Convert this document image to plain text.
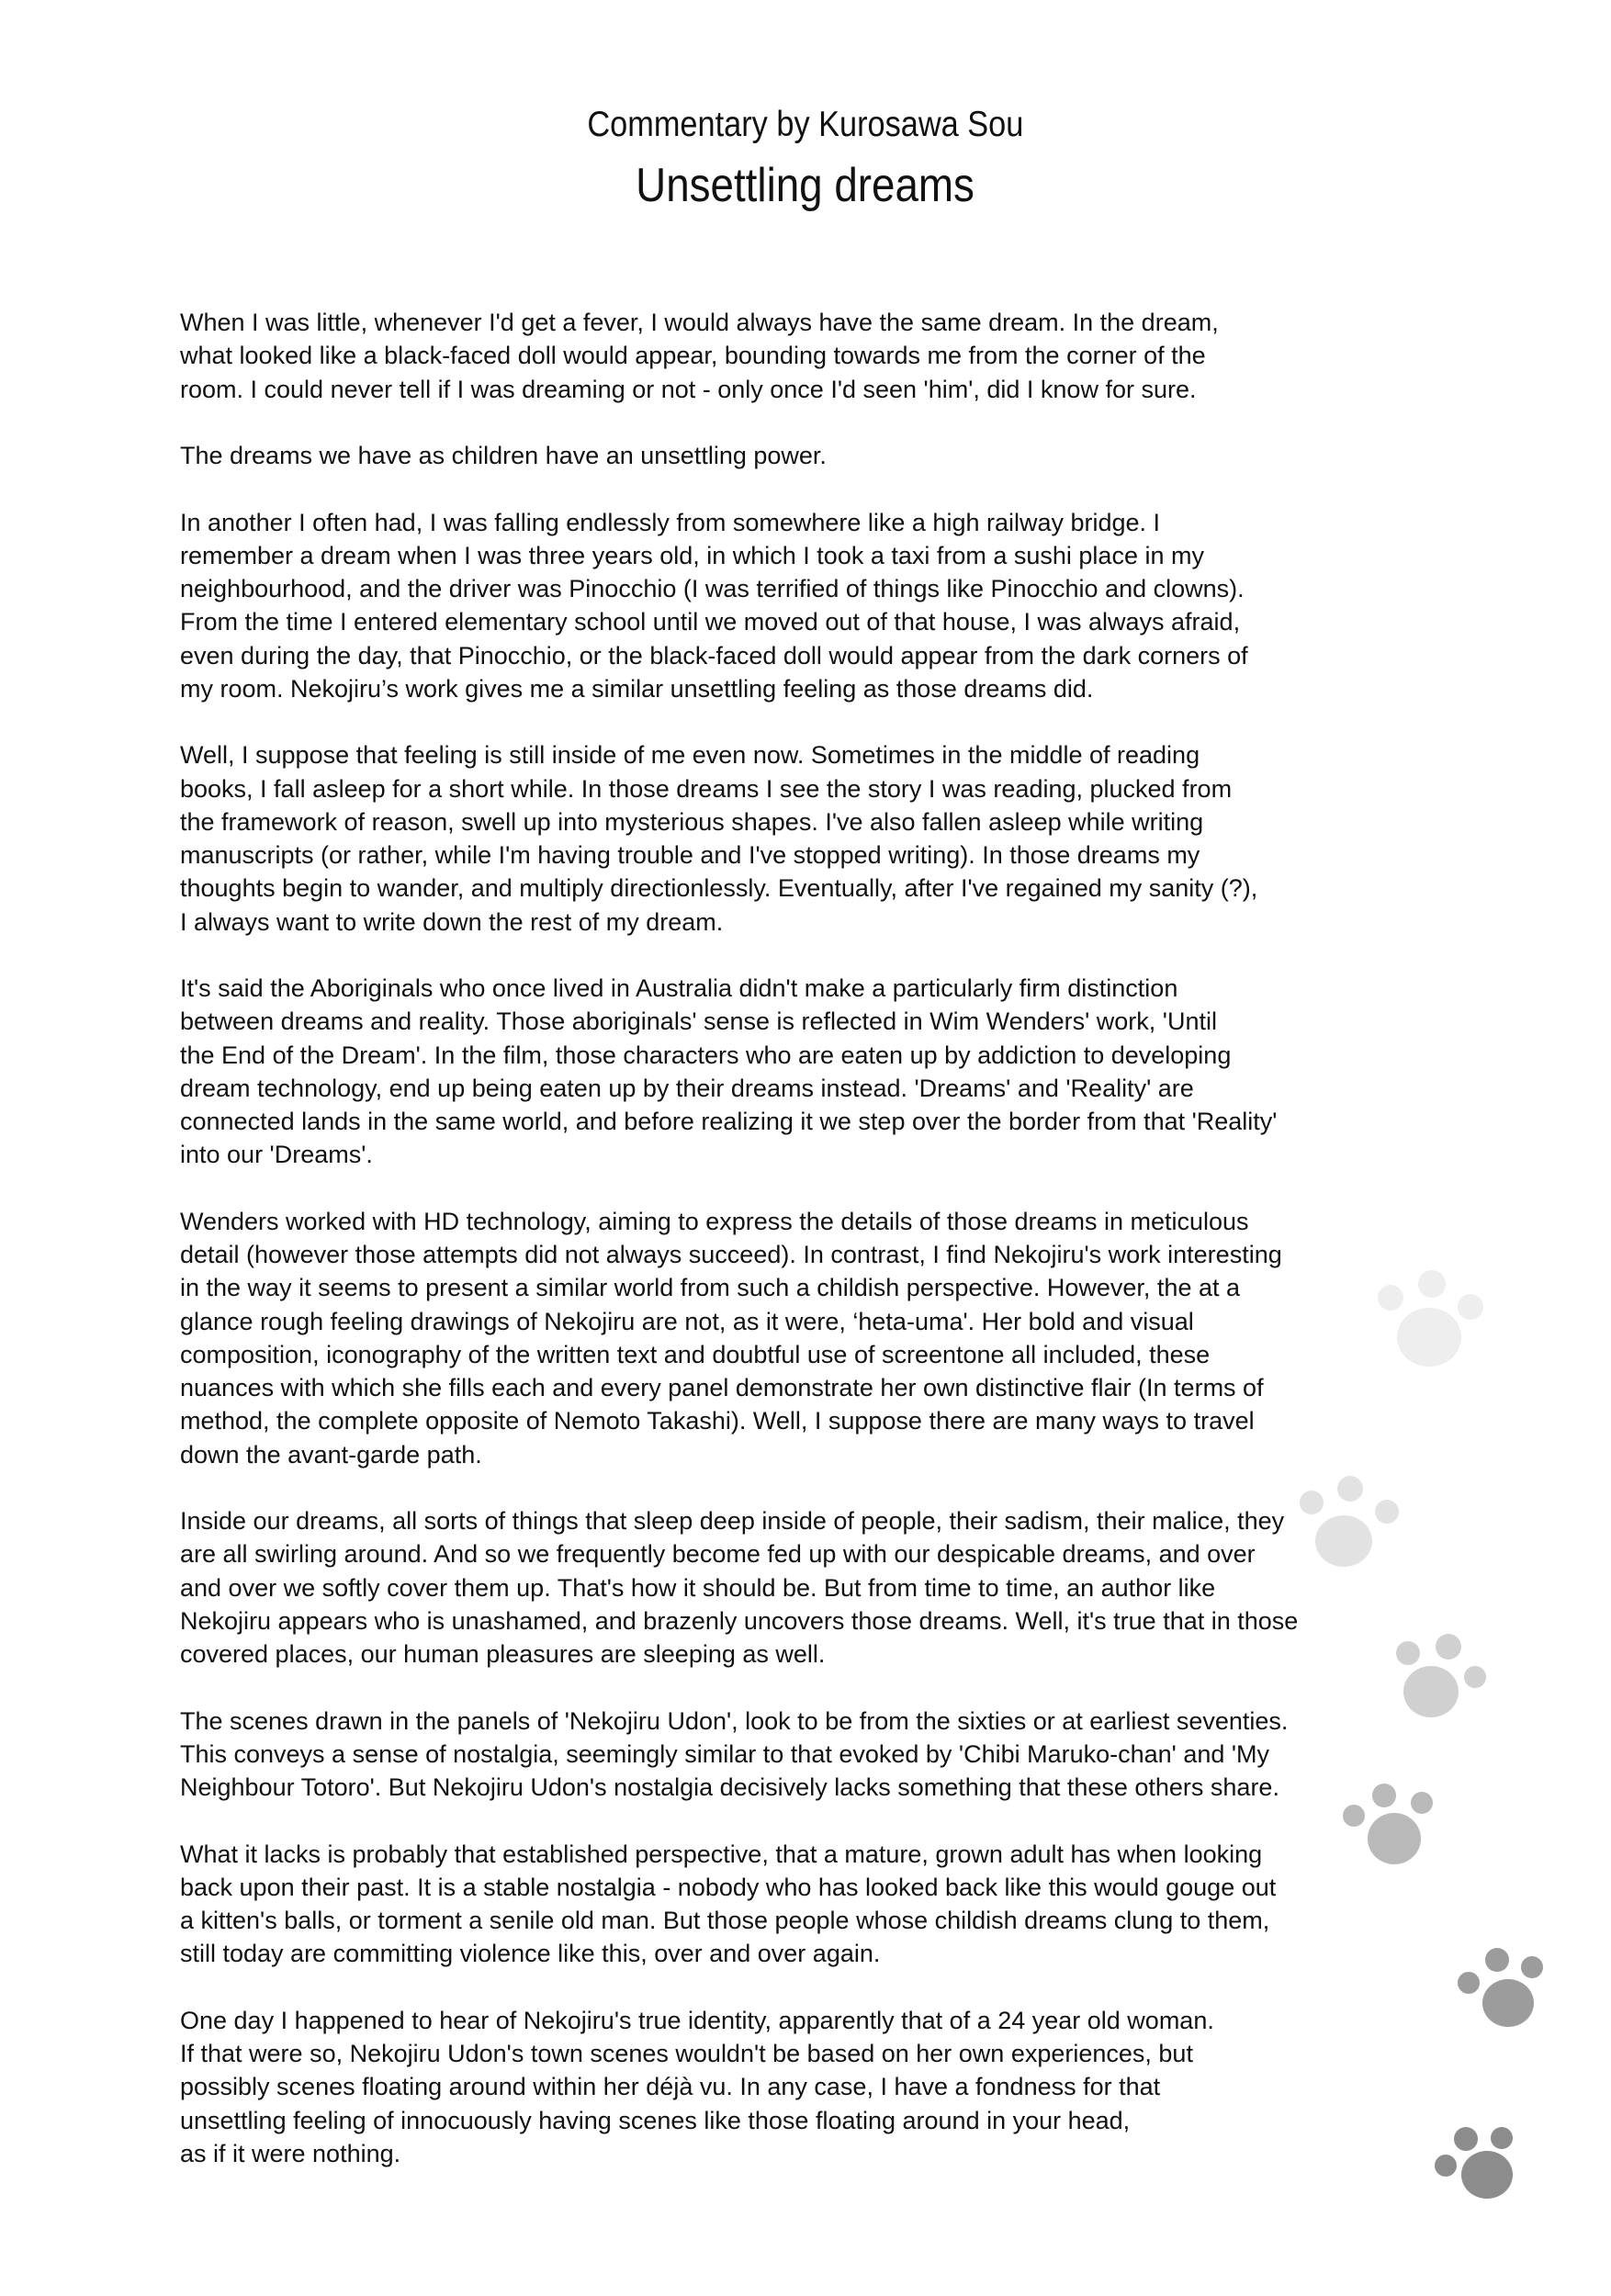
Commentary by Kurosawa Sou
Unsettling dreams
When I was little, whenever I'd get a fever, I would always have the same dream. In the dream,
what looked like a black-faced doll would appear, bounding towards me from the corner of the
room. I could never tell if I was dreaming or not - only once I'd seen 'him', did I know for sure.
The dreams we have as children have an unsettling power.
In another I often had, I was falling endlessly from somewhere like a high railway bridge. I
remember a dream when I was three years old, in which I took a taxi from a sushi place in my
neighbourhood, and the driver was Pinocchio (I was terrified of things like Pinocchio and clowns).
From the time I entered elementary school until we moved out of that house, I was always afraid,
even during the day, that Pinocchio, or the black-faced doll would appear from the dark corners of
my room. Nekojiru’s work gives me a similar unsettling feeling as those dreams did.
Well, I suppose that feeling is still inside of me even now. Sometimes in the middle of reading
books, I fall asleep for a short while. In those dreams I see the story I was reading, plucked from
the framework of reason, swell up into mysterious shapes. I've also fallen asleep while writing
manuscripts (or rather, while I'm having trouble and I've stopped writing). In those dreams my
thoughts begin to wander, and multiply directionlessly. Eventually, after I've regained my sanity (?),
I always want to write down the rest of my dream.
It's said the Aboriginals who once lived in Australia didn't make a particularly firm distinction
between dreams and reality. Those aboriginals' sense is reflected in Wim Wenders' work, 'Until
the End of the Dream'. In the film, those characters who are eaten up by addiction to developing
dream technology, end up being eaten up by their dreams instead. 'Dreams' and 'Reality' are
connected lands in the same world, and before realizing it we step over the border from that 'Reality'
into our 'Dreams'.
Wenders worked with HD technology, aiming to express the details of those dreams in meticulous
detail (however those attempts did not always succeed). In contrast, I find Nekojiru's work interesting
in the way it seems to present a similar world from such a childish perspective. However, the at a
glance rough feeling drawings of Nekojiru are not, as it were, ‘heta-uma'. Her bold and visual
composition, iconography of the written text and doubtful use of screentone all included, these
nuances with which she fills each and every panel demonstrate her own distinctive flair (In terms of
method, the complete opposite of Nemoto Takashi). Well, I suppose there are many ways to travel
down the avant-garde path.
Inside our dreams, all sorts of things that sleep deep inside of people, their sadism, their malice, they
are all swirling around. And so we frequently become fed up with our despicable dreams, and over
and over we softly cover them up. That's how it should be. But from time to time, an author like
Nekojiru appears who is unashamed, and brazenly uncovers those dreams. Well, it's true that in those
covered places, our human pleasures are sleeping as well.
The scenes drawn in the panels of 'Nekojiru Udon', look to be from the sixties or at earliest seventies.
This conveys a sense of nostalgia, seemingly similar to that evoked by 'Chibi Maruko-chan' and 'My
Neighbour Totoro'. But Nekojiru Udon's nostalgia decisively lacks something that these others share.
What it lacks is probably that established perspective, that a mature, grown adult has when looking
back upon their past. It is a stable nostalgia - nobody who has looked back like this would gouge out
a kitten's balls, or torment a senile old man. But those people whose childish dreams clung to them,
still today are committing violence like this, over and over again.
One day I happened to hear of Nekojiru's true identity, apparently that of a 24 year old woman.
If that were so, Nekojiru Udon's town scenes wouldn't be based on her own experiences, but
possibly scenes floating around within her déjà vu. In any case, I have a fondness for that
unsettling feeling of innocuously having scenes like those floating around in your head,
as if it were nothing.
